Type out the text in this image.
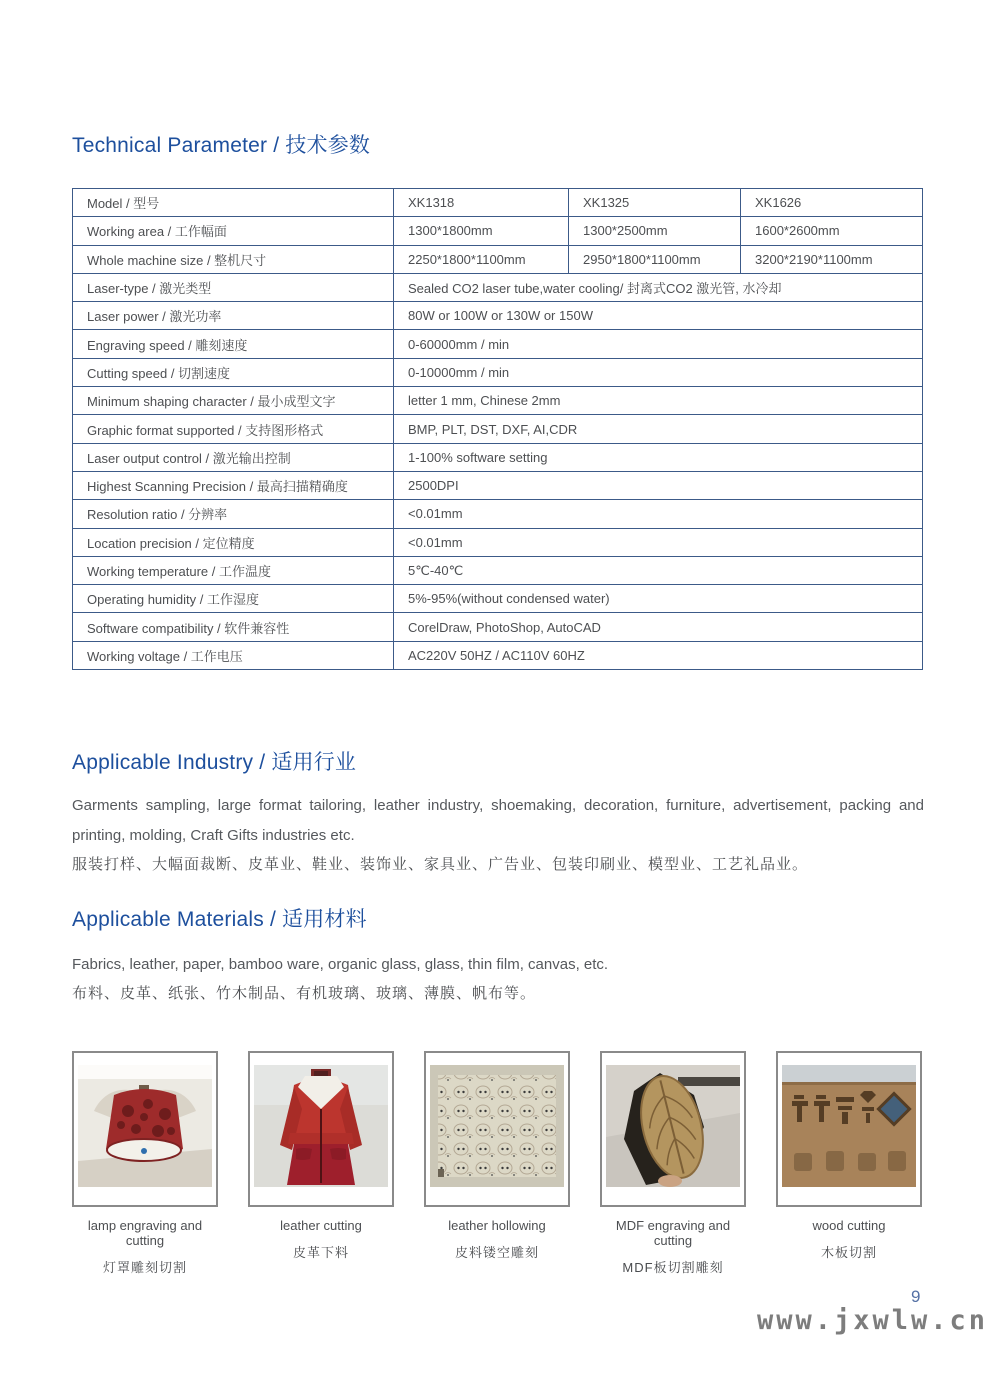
Technical Parameter / 技术参数
Model / 型号	XK1318	XK1325	XK1626
Working area / 工作幅面	1300*1800mm	1300*2500mm	1600*2600mm
Whole machine size / 整机尺寸	2250*1800*1100mm	2950*1800*1100mm	3200*2190*1100mm
Laser-type / 激光类型	Sealed CO2 laser tube,water cooling/ 封离式CO2 激光管, 水冷却		
Laser power / 激光功率	80W or 100W or 130W or 150W		
Engraving speed / 雕刻速度	0-60000mm / min		
Cutting speed / 切割速度	0-10000mm / min		
Minimum shaping character / 最小成型文字	letter 1 mm, Chinese 2mm		
Graphic format supported / 支持图形格式	BMP, PLT, DST, DXF, AI,CDR		
Laser output control / 激光输出控制	1-100% software setting		
Highest Scanning Precision / 最高扫描精确度	2500DPI		
Resolution ratio / 分辨率	<0.01mm		
Location precision / 定位精度	<0.01mm		
Working temperature / 工作温度	5℃-40℃		
Operating humidity / 工作湿度	5%-95%(without condensed water)		
Software compatibility / 软件兼容性	CorelDraw, PhotoShop, AutoCAD		
Working voltage / 工作电压	AC220V 50HZ / AC110V 60HZ		
Applicable Industry / 适用行业

Garments sampling, large format tailoring, leather industry, shoemaking, decoration, furniture, advertisement, packing and printing, molding, Craft Gifts industries etc.

服装打样、大幅面裁断、皮革业、鞋业、装饰业、家具业、广告业、包装印刷业、模型业、工艺礼品业。

Applicable Materials / 适用材料

Fabrics, leather, paper, bamboo ware, organic glass, glass, thin film, canvas, etc.

布料、皮革、纸张、竹木制品、有机玻璃、玻璃、薄膜、帆布等。

lamp engraving and cutting
灯罩雕刻切割
leather cutting
皮革下料
leather hollowing
皮料镂空雕刻
MDF engraving and cutting
MDF板切割雕刻
wood cutting
木板切割
9
www.jxwlw.cn
